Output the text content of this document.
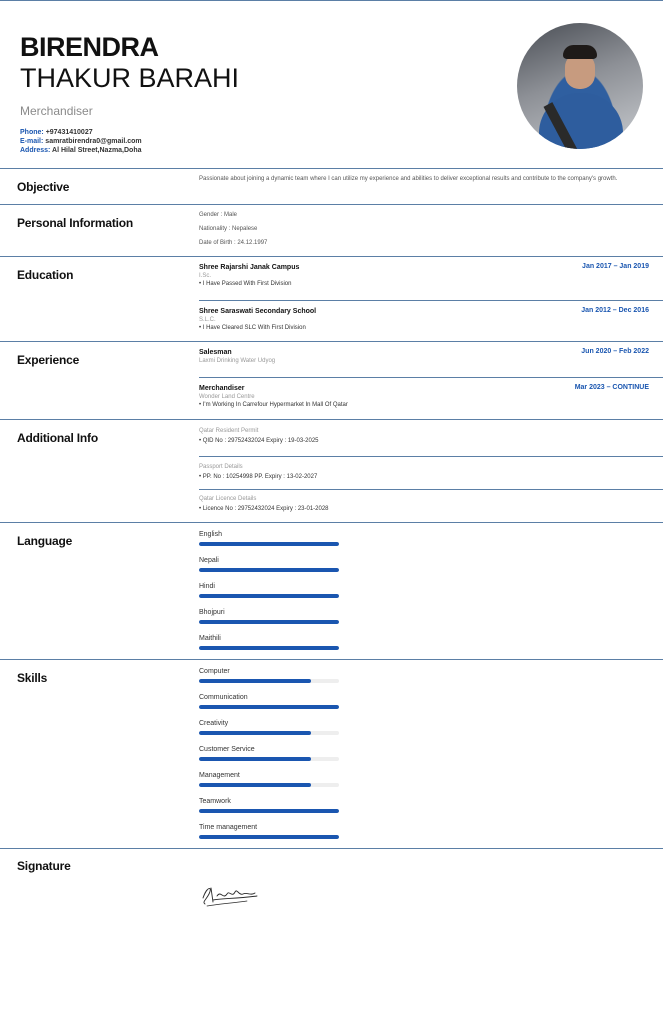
BIRENDRA
THAKUR BARAHI
Merchandiser
Phone: +97431410027
E-mail: samratbirendra0@gmail.com
Address: Al Hilal Street,Nazma,Doha
Objective
Passionate about joining a dynamic team where I can utilize my experience and abilities to deliver exceptional results and contribute to the company's growth.
Personal Information
Gender : Male
Nationality : Nepalese
Date of Birth : 24.12.1997
Education
Shree Rajarshi Janak Campus
I.Sc.
• I Have Passed With First Division
Jan 2017 – Jan 2019
Shree Saraswati Secondary School
S.L.C.
• I Have Cleared SLC With First Division
Jan 2012 – Dec 2016
Experience
Salesman
Laxmi Drinking Water Udyog
Jun 2020 – Feb 2022
Merchandiser
Wonder Land Centre
• I'm Working In Carrefour Hypermarket In Mall Of Qatar
Mar 2023 – CONTINUE
Additional Info	Qatar Resident Permit
• QID No : 29752432024 Expiry : 19-03-2025
Passport Details
• PP. No : 10254998 PP. Expiry : 13-02-2027
Qatar Licence Details
• Licence No : 29752432024 Expiry : 23-01-2028
Language	English
Nepali
Hindi
Bhojpuri
Maithili
Skills	Computer
Communication
Creativity
Customer Service
Management
Teamwork
Time management
Signature
